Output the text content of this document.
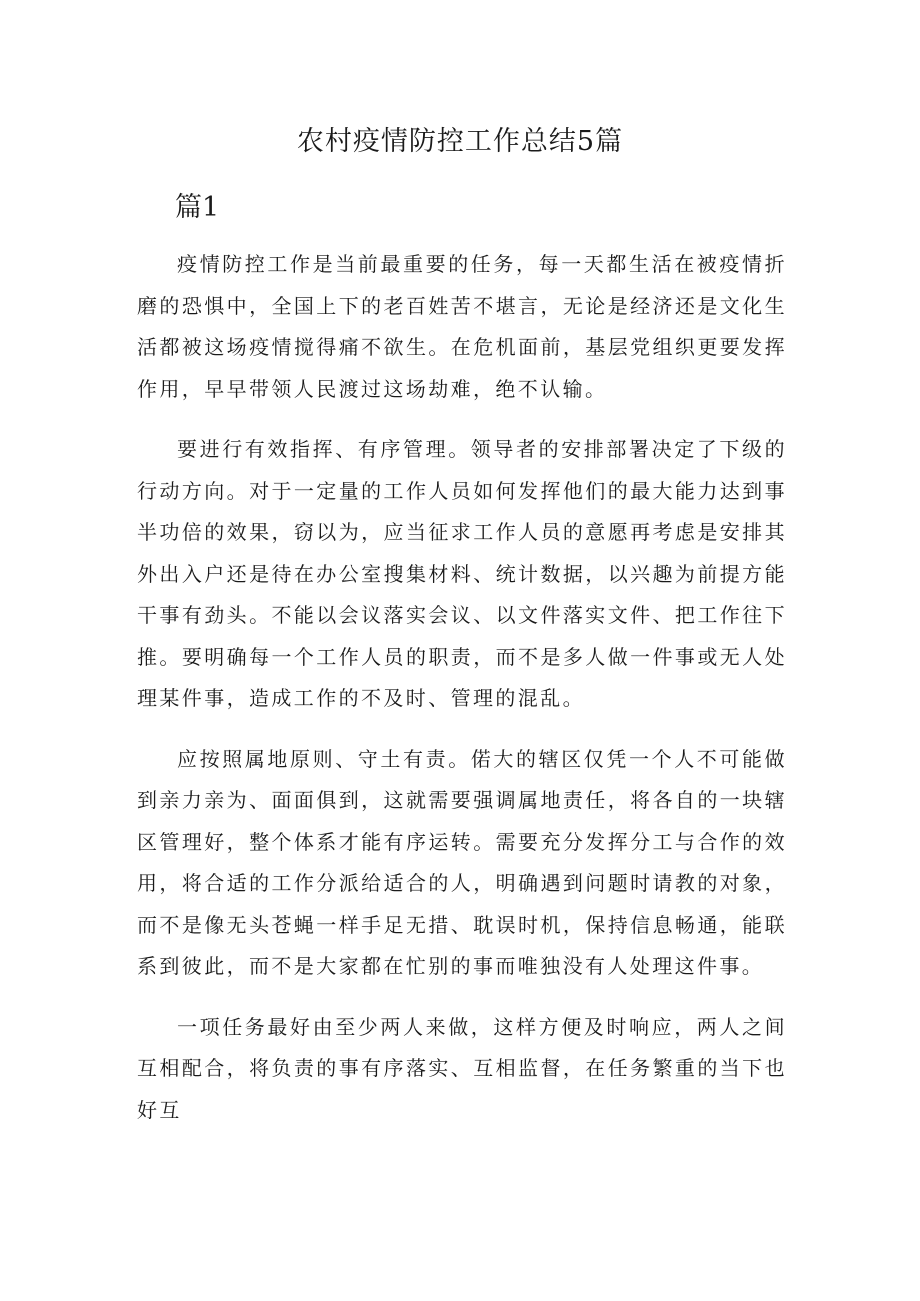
农村疫情防控工作总结5篇
篇1

疫情防控工作是当前最重要的任务，每一天都生活在被疫情折磨的恐惧中，全国上下的老百姓苦不堪言，无论是经济还是文化生活都被这场疫情搅得痛不欲生。在危机面前，基层党组织更要发挥作用，早早带领人民渡过这场劫难，绝不认输。

要进行有效指挥、有序管理。领导者的安排部署决定了下级的行动方向。对于一定量的工作人员如何发挥他们的最大能力达到事半功倍的效果，窃以为，应当征求工作人员的意愿再考虑是安排其外出入户还是待在办公室搜集材料、统计数据，以兴趣为前提方能干事有劲头。不能以会议落实会议、以文件落实文件、把工作往下推。要明确每一个工作人员的职责，而不是多人做一件事或无人处理某件事，造成工作的不及时、管理的混乱。

应按照属地原则、守土有责。偌大的辖区仅凭一个人不可能做到亲力亲为、面面俱到，这就需要强调属地责任，将各自的一块辖区管理好，整个体系才能有序运转。需要充分发挥分工与合作的效用，将合适的工作分派给适合的人，明确遇到问题时请教的对象，而不是像无头苍蝇一样手足无措、耽误时机，保持信息畅通，能联系到彼此，而不是大家都在忙别的事而唯独没有人处理这件事。

一项任务最好由至少两人来做，这样方便及时响应，两人之间互相配合，将负责的事有序落实、互相监督，在任务繁重的当下也好互
